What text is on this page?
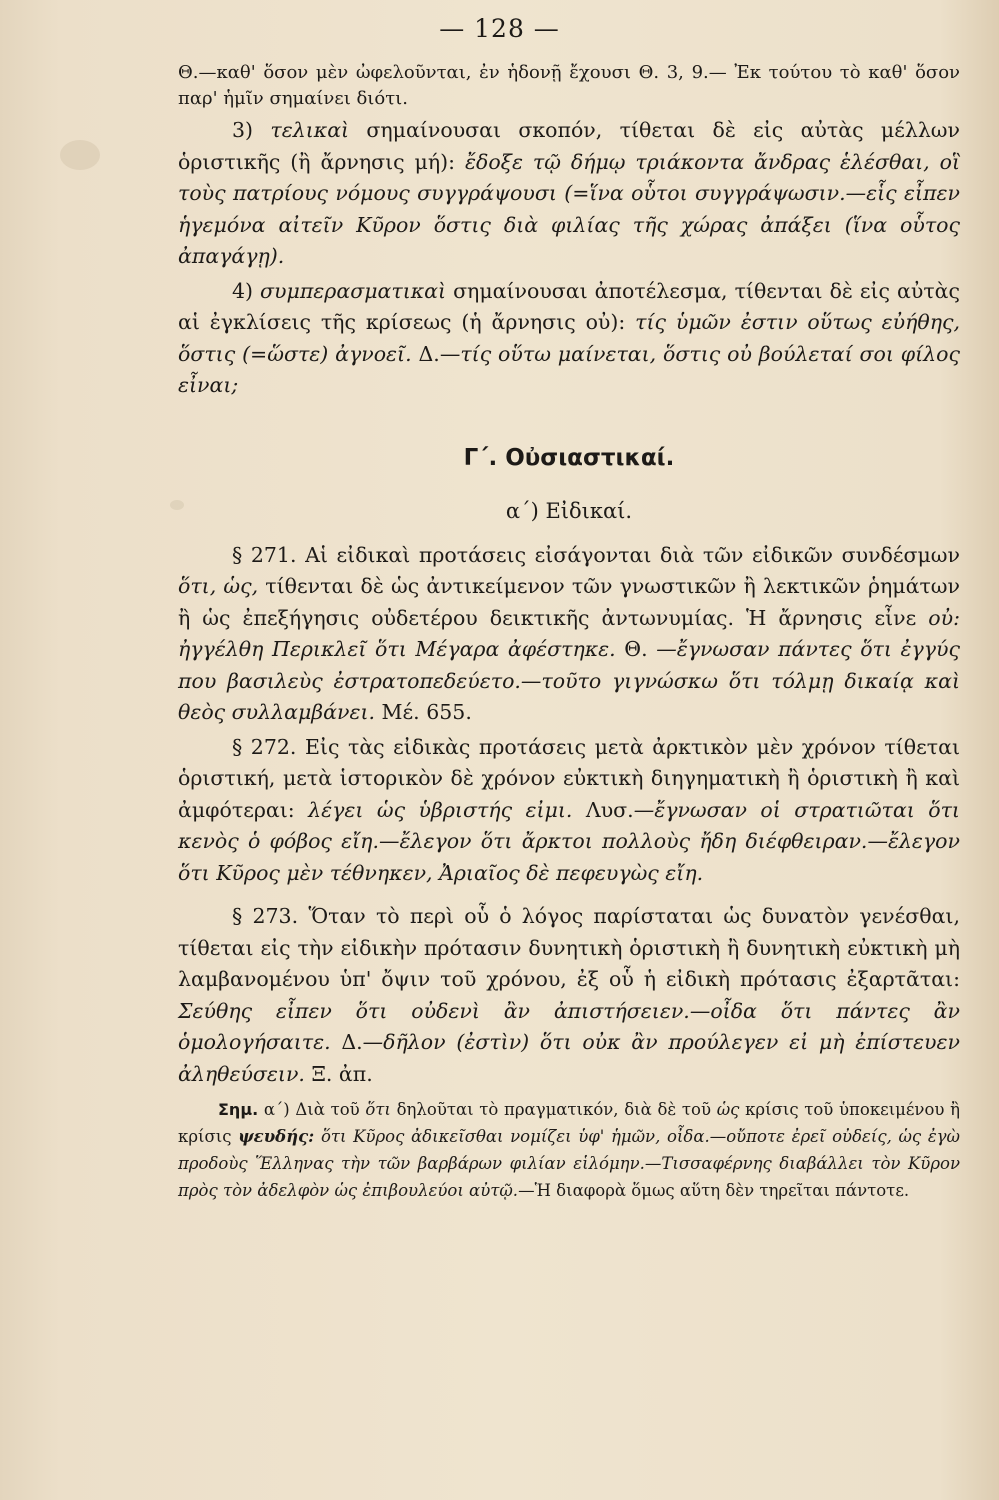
— 128 —

Θ.—καθ' ὅσον μὲν ὠφελοῦνται, ἐν ἡδονῇ ἔχουσι Θ. 3, 9.— Ἐκ τούτου τὸ καθ' ὅσον παρ' ἡμῖν σημαίνει διότι.

3) τελικαὶ σημαίνουσαι σκοπόν, τίθεται δὲ εἰς αὐτὰς μέλλων ὁριστικῆς (ἢ ἄρνησις μή): ἔδοξε τῷ δήμῳ τριάκοντα ἄνδρας ἑλέσθαι, οἳ τοὺς πατρίους νόμους συγγράψουσι (=ἵνα οὗτοι συγγράψωσιν.—εἷς εἶπεν ἡγεμόνα αἰτεῖν Κῦρον ὅστις διὰ φιλίας τῆς χώρας ἀπάξει (ἵνα οὗτος ἀπαγάγῃ).

4) συμπερασματικαὶ σημαίνουσαι ἀποτέλεσμα, τίθενται δὲ εἰς αὐτὰς αἱ ἐγκλίσεις τῆς κρίσεως (ἡ ἄρνησις οὐ): τίς ὑμῶν ἐστιν οὕτως εὐήθης, ὅστις (=ὥστε) ἀγνοεῖ. Δ.—τίς οὕτω μαίνεται, ὅστις οὐ βούλεταί σοι φίλος εἶναι;

Γ΄. Οὐσιαστικαί.
α΄) Εἰδικαί.

§ 271. Αἱ εἰδικαὶ προτάσεις εἰσάγονται διὰ τῶν εἰδικῶν συνδέσμων ὅτι, ὡς, τίθενται δὲ ὡς ἀντικείμενον τῶν γνωστικῶν ἢ λεκτικῶν ῥημάτων ἢ ὡς ἐπεξήγησις οὐδετέρου δεικτικῆς ἀντωνυμίας. Ἡ ἄρνησις εἶνε οὐ: ἠγγέλθη Περικλεῖ ὅτι Μέγαρα ἀφέστηκε. Θ. —ἔγνωσαν πάντες ὅτι ἐγγύς που βασιλεὺς ἐστρατοπεδεύετο.—τοῦτο γιγνώσκω ὅτι τόλμῃ δικαίᾳ καὶ θεὸς συλλαμβάνει. Μέ. 655.

§ 272. Εἰς τὰς εἰδικὰς προτάσεις μετὰ ἀρκτικὸν μὲν χρόνον τίθεται ὁριστική, μετὰ ἱστορικὸν δὲ χρόνον εὐκτικὴ διηγηματικὴ ἢ ὁριστικὴ ἢ καὶ ἀμφότεραι: λέγει ὡς ὑβριστής εἰμι. Λυσ.—ἔγνωσαν οἱ στρατιῶται ὅτι κενὸς ὁ φόβος εἴη.—ἔλεγον ὅτι ἄρκτοι πολλοὺς ἤδη διέφθειραν.—ἔλεγον ὅτι Κῦρος μὲν τέθνηκεν, Ἀριαῖος δὲ πεφευγὼς εἴη.

§ 273. Ὅταν τὸ περὶ οὗ ὁ λόγος παρίσταται ὡς δυνατὸν γενέσθαι, τίθεται εἰς τὴν εἰδικὴν πρότασιν δυνητικὴ ὁριστικὴ ἢ δυνητικὴ εὐκτικὴ μὴ λαμβανομένου ὑπ' ὄψιν τοῦ χρόνου, ἐξ οὗ ἡ εἰδικὴ πρότασις ἐξαρτᾶται: Σεύθης εἶπεν ὅτι οὐδενὶ ἂν ἀπιστήσειεν.—οἶδα ὅτι πάντες ἂν ὁμολογήσαιτε. Δ.—δῆλον (ἐστὶν) ὅτι οὐκ ἂν προύλεγεν εἰ μὴ ἐπίστευεν ἀληθεύσειν. Ξ. ἀπ.

Σημ. α΄) Διὰ τοῦ ὅτι δηλοῦται τὸ πραγματικόν, διὰ δὲ τοῦ ὡς κρίσις τοῦ ὑποκειμένου ἢ κρίσις ψευδής: ὅτι Κῦρος ἀδικεῖσθαι νομίζει ὑφ' ἡμῶν, οἶδα.—οὔποτε ἐρεῖ οὐδείς, ὡς ἐγὼ προδοὺς Ἕλληνας τὴν τῶν βαρβάρων φιλίαν εἱλόμην.—Τισσαφέρνης διαβάλλει τὸν Κῦρον πρὸς τὸν ἀδελφὸν ὡς ἐπιβουλεύοι αὐτῷ.—Ἡ διαφορὰ ὅμως αὕτη δὲν τηρεῖται πάντοτε.
